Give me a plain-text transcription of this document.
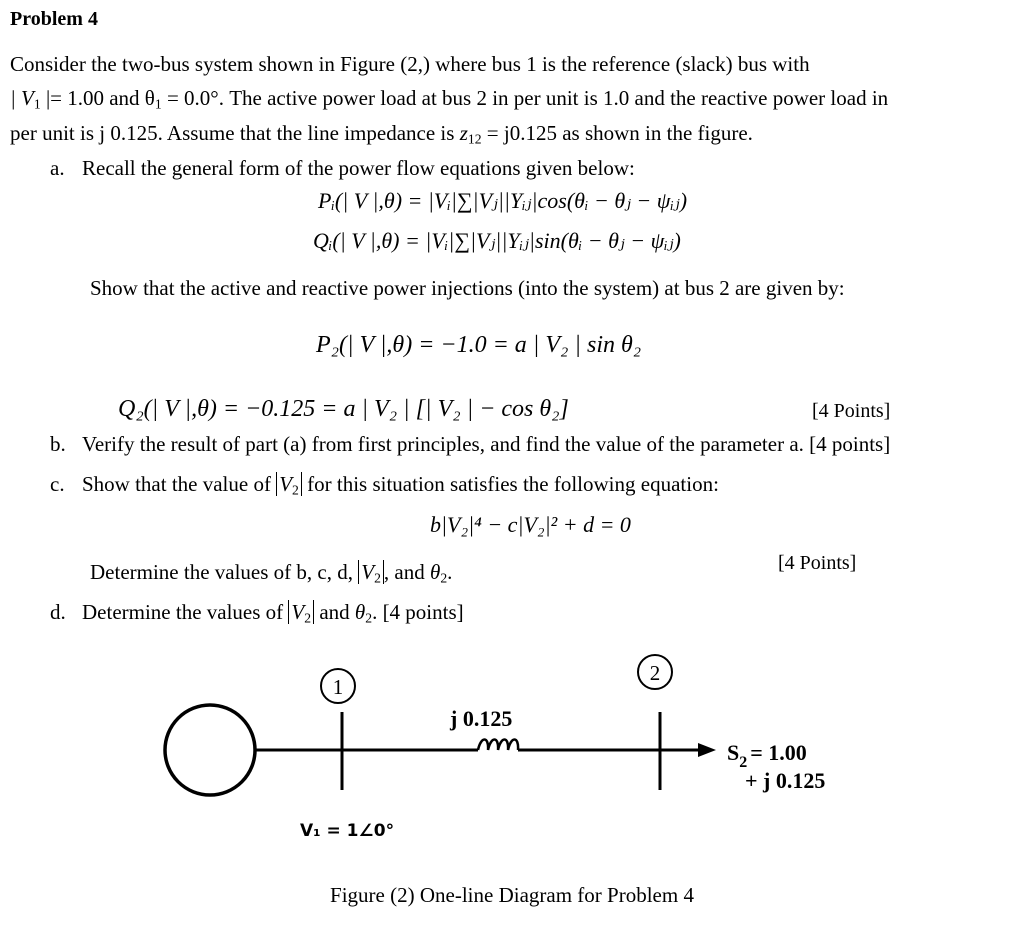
Problem 4
Consider the two-bus system shown in Figure (2,) where bus 1 is the reference (slack) bus with
| $V_1$ |= 1.00 and $\theta_1 = 0.0^\circ$. The active power load at bus 2 in per unit is 1.0 and the reactive power load in
per unit is j 0.125. Assume that the line impedance is $z_{12} = j0.125$ as shown in the figure.
a. Recall the general form of the power flow equations given below:
Pᵢ(| V |,θ) = |Vᵢ|∑|Vⱼ||Yᵢⱼ|cos(θᵢ − θⱼ − ψᵢⱼ)
Qᵢ(| V |,θ) = |Vᵢ|∑|Vⱼ||Yᵢⱼ|sin(θᵢ − θⱼ − ψᵢⱼ)
Show that the active and reactive power injections (into the system) at bus 2 are given by:
P₂(| V |,θ) = −1.0 = a | V₂ | sin θ₂
Q₂(| V |,θ) = −0.125 = a | V₂ | [| V₂ | − cos θ₂]	[4 Points]
b. Verify the result of part (a) from first principles, and find the value of the parameter a. [4 points]
c. Show that the value of $V_2$ for this situation satisfies the following equation:
b|V₂|⁴ − c|V₂|² + d = 0
Determine the values of b, c, d, $V_2$ , and $\theta_2$.	[4 Points]
d. Determine the values of $V_2$ and $\theta_2$. [4 points]
1
j 0.125
2
$S_2 = 1.00$
+ j 0.125
V₁ = 1∠0°
Figure (2) One-line Diagram for Problem 4
